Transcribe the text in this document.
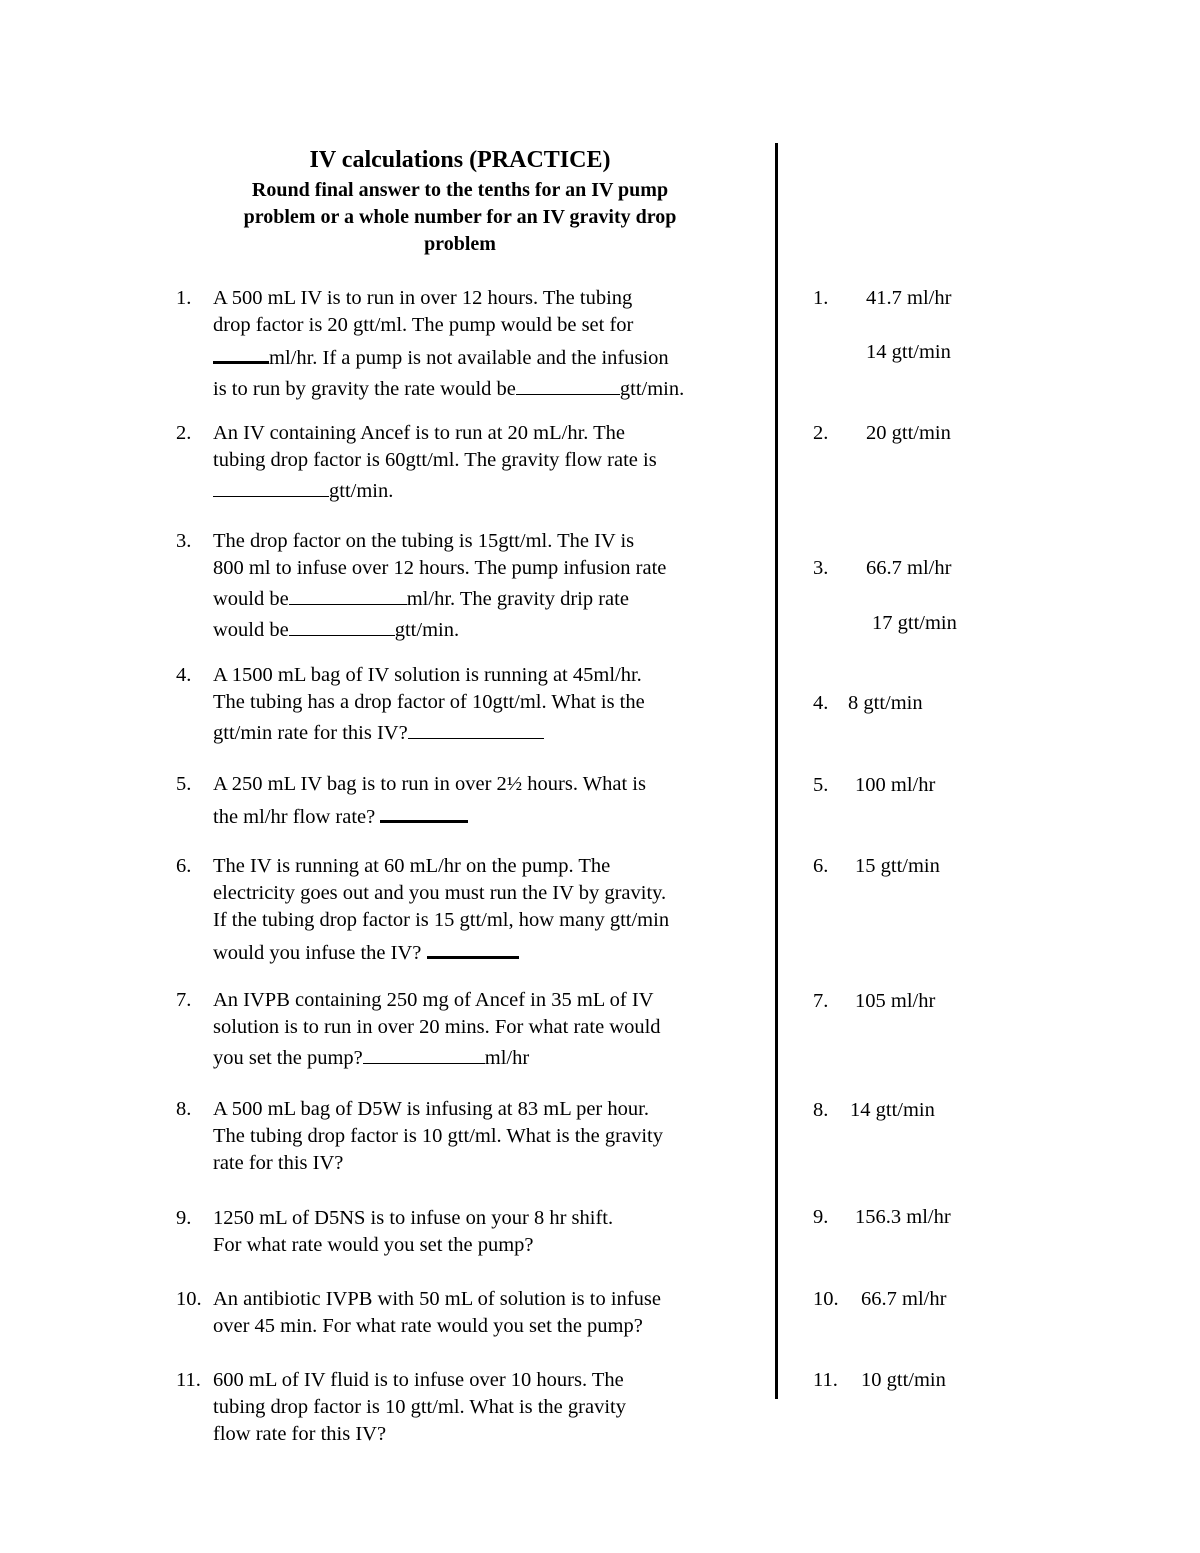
IV calculations (PRACTICE)
Round final answer to the tenths for an IV pump
problem or a whole number for an IV gravity drop
problem
1. A 500 mL IV is to run in over 12 hours. The tubing
drop factor is 20 gtt/ml. The pump would be set for
ml/hr. If a pump is not available and the infusion
is to run by gravity the rate would be	gtt/min.
2. An IV containing Ancef is to run at 20 mL/hr. The
tubing drop factor is 60gtt/ml. The gravity flow rate is
gtt/min.
3. The drop factor on the tubing is 15gtt/ml. The IV is
800 ml to infuse over 12 hours. The pump infusion rate
would be	ml/hr. The gravity drip rate
would be	gtt/min.
4. A 1500 mL bag of IV solution is running at 45ml/hr.
The tubing has a drop factor of 10gtt/ml. What is the
gtt/min rate for this IV?
5. A 250 mL IV bag is to run in over 2½ hours. What is
the ml/hr flow rate?
6. The IV is running at 60 mL/hr on the pump. The
electricity goes out and you must run the IV by gravity.
If the tubing drop factor is 15 gtt/ml, how many gtt/min
would you infuse the IV?
7. An IVPB containing 250 mg of Ancef in 35 mL of IV
solution is to run in over 20 mins. For what rate would
you set the pump?	ml/hr
8. A 500 mL bag of D5W is infusing at 83 mL per hour.
The tubing drop factor is 10 gtt/ml. What is the gravity
rate for this IV?
9. 1250 mL of D5NS is to infuse on your 8 hr shift.
For what rate would you set the pump?
10. An antibiotic IVPB with 50 mL of solution is to infuse
over 45 min. For what rate would you set the pump?
11. 600 mL of IV fluid is to infuse over 10 hours. The
tubing drop factor is 10 gtt/ml. What is the gravity
flow rate for this IV?
1. 41.7 ml/hr
14 gtt/min
2. 20 gtt/min
3. 66.7 ml/hr
17 gtt/min
4. 8 gtt/min
5. 100 ml/hr
6. 15 gtt/min
7. 105 ml/hr
8. 14 gtt/min
9. 156.3 ml/hr
10. 66.7 ml/hr
11. 10 gtt/min
